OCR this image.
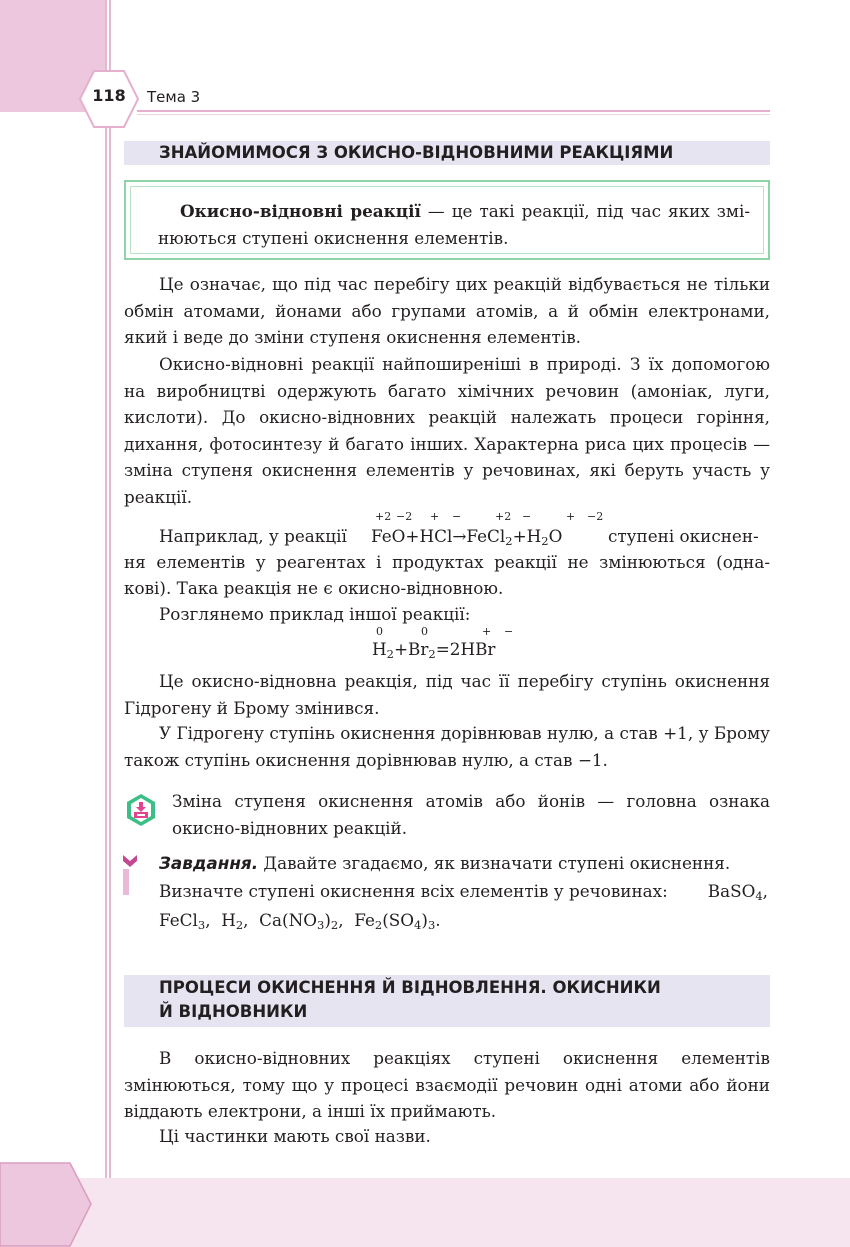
118	Тема 3
ЗНАЙОМИМОСЯ З ОКИСНО-ВІДНОВНИМИ РЕАКЦІЯМИ
Окисно-відновні реакції — це такі реакції, під час яких змі- нюються ступені окиснення елементів.
Це означає, що під час перебігу цих реакцій відбувається не тільки обмін атомами, йонами або групами атомів, а й обмін електронами, який і веде до зміни ступеня окиснення елементів.
Окисно-відновні реакції найпоширеніші в природі. З їх допомогою на виробництві одержують багато хімічних речовин (амоніак, луги, кислоти). До окисно-відновних реакцій належать процеси горіння, дихання, фотосинтезу й багато інших. Характерна риса цих процесів — зміна ступеня окиснення елементів у речовинах, які беруть участь у реакції.
Наприклад, у реакції	ступені окиснен-
$FeO+HCl\to FeCl_2+H_2O$
+2 −2 + −	+2 −	+ −2
ня елементів у реагентах і продуктах реакції не змінюються (одна-
кові). Така реакція не є окисно-відновною.
Розглянемо приклад іншої реакції:
$H_2+Br_2=2HBr$
0	0	+ −
Це окисно-відновна реакція, під час її перебігу ступінь окиснення Гідрогену й Брому змінився.
У Гідрогену ступінь окиснення дорівнював нулю, а став +1, у Брому також ступінь окиснення дорівнював нулю, а став −1.
Зміна ступеня окиснення атомів або йонів — головна ознака окисно-відновних реакцій.
Завдання. Давайте згадаємо, як визначати ступені окиснення.
Визначте ступені окиснення всіх елементів у речовинах: BaSO$_4$,
FeCl$_3$,  $H_2$,  $Ca(NO_3)_2$,  $Fe_2(SO_4)_3$.
ПРОЦЕСИ ОКИСНЕННЯ Й ВІДНОВЛЕННЯ. ОКИСНИКИ
Й ВІДНОВНИКИ
В окисно-відновних реакціях ступені окиснення елементів змінюються, тому що у процесі взаємодії речовин одні атоми або йони віддають електрони, а інші їх приймають.
Ці частинки мають свої назви.
